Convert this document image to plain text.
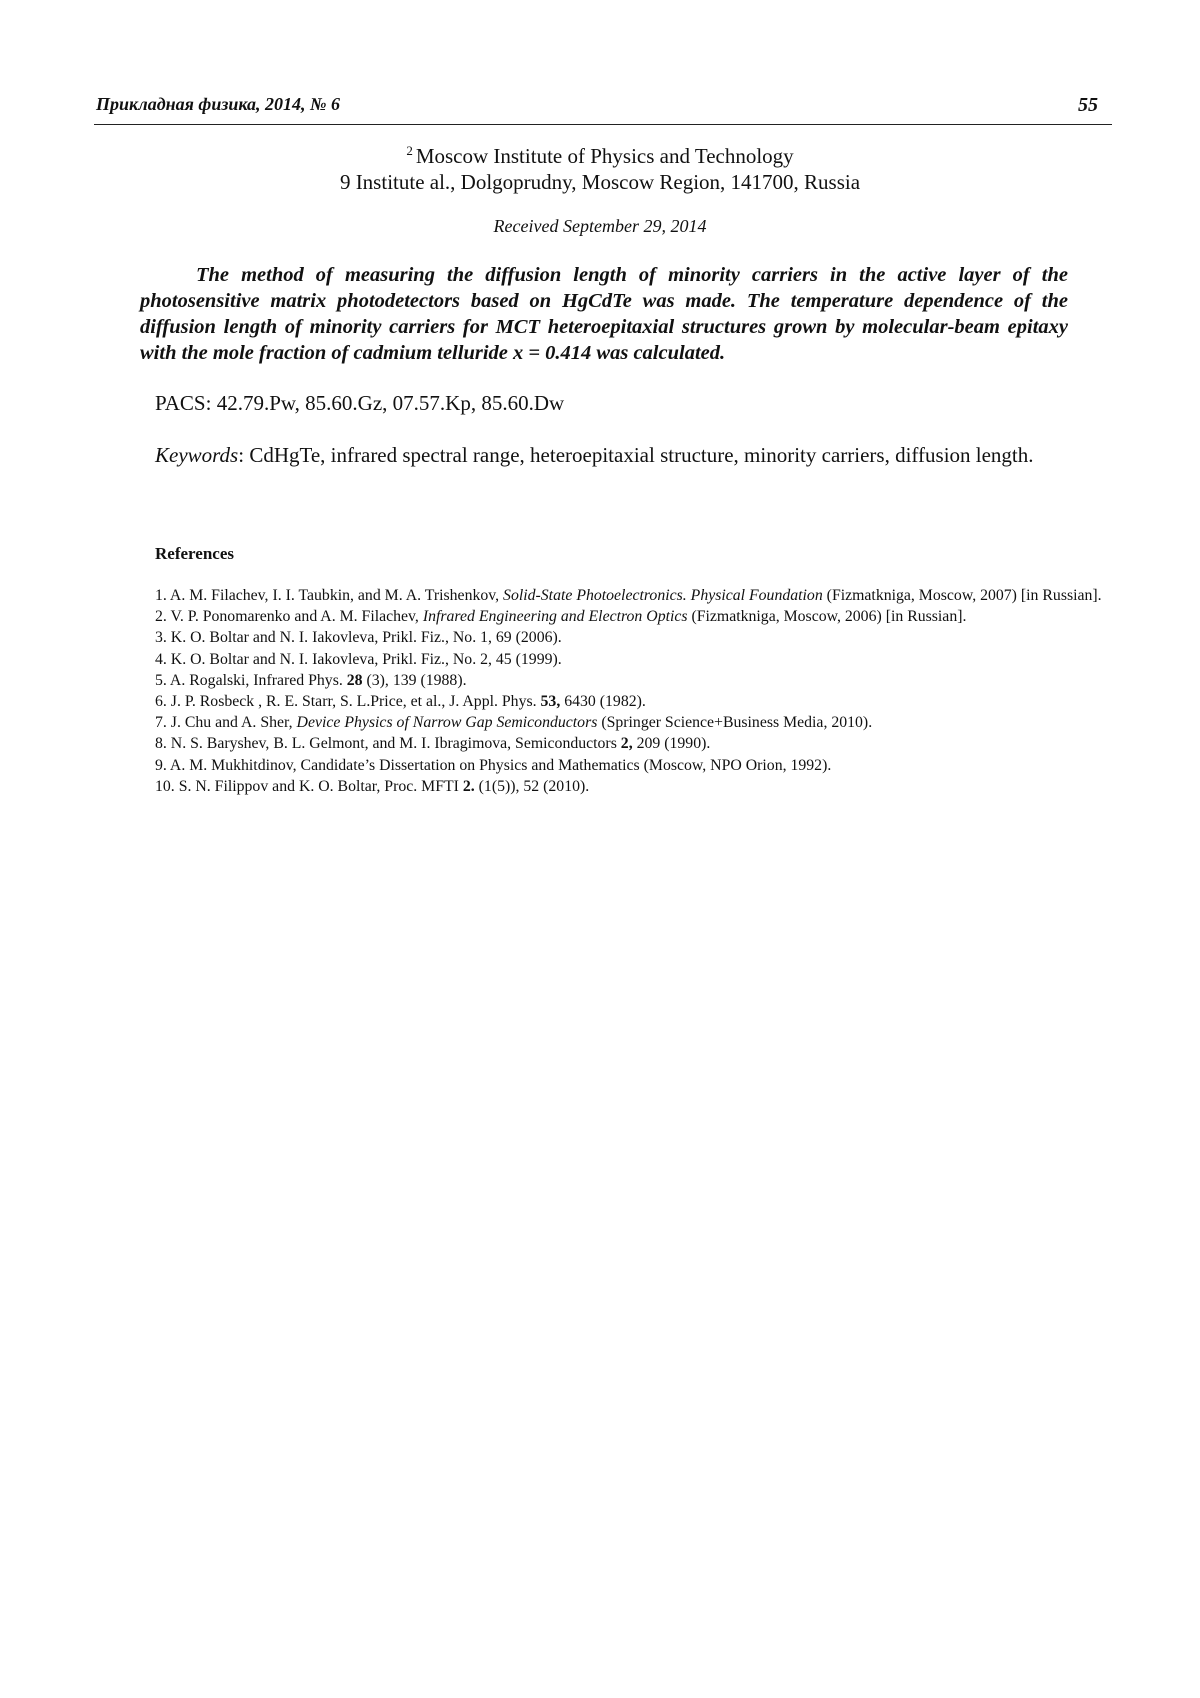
Прикладная физика, 2014, № 6	55
$^2$ Moscow Institute of Physics and Technology
9 Institute al., Dolgoprudny, Moscow Region, 141700, Russia
Received September 29, 2014

The method of measuring the diffusion length of minority carriers in the active layer of the photosensitive matrix photodetectors based on HgCdTe was made. The temperature dependence of the diffusion length of minority carriers for MCT heteroepitaxial structures grown by molecular-beam epitaxy with the mole fraction of cadmium telluride x = 0.414 was calculated.

PACS: 42.79.Pw, 85.60.Gz, 07.57.Kp, 85.60.Dw

Keywords: CdHgTe, infrared spectral range, heteroepitaxial structure, minority carriers, diffusion length.

References

1. A. M. Filachev, I. I. Taubkin, and M. A. Trishenkov, Solid-State Photoelectronics. Physical Foundation (Fizmatkniga, Moscow, 2007) [in Russian].
2. V. P. Ponomarenko and A. M. Filachev, Infrared Engineering and Electron Optics (Fizmatkniga, Moscow, 2006) [in Russian].
3. K. O. Boltar and N. I. Iakovleva, Prikl. Fiz., No. 1, 69 (2006).
4. K. O. Boltar and N. I. Iakovleva, Prikl. Fiz., No. 2, 45 (1999).
5. A. Rogalski, Infrared Phys. 28 (3), 139 (1988).
6. J. P. Rosbeck , R. E. Starr, S. L.Price, et al., J. Appl. Phys. 53, 6430 (1982).
7. J. Chu and A. Sher, Device Physics of Narrow Gap Semiconductors (Springer Science+Business Media, 2010).
8. N. S. Baryshev, B. L. Gelmont, and M. I. Ibragimova, Semiconductors 2, 209 (1990).
9. A. M. Mukhitdinov, Candidate’s Dissertation on Physics and Mathematics (Moscow, NPO Orion, 1992).
10. S. N. Filippov and K. O. Boltar, Proc. MFTI 2. (1(5)), 52 (2010).
